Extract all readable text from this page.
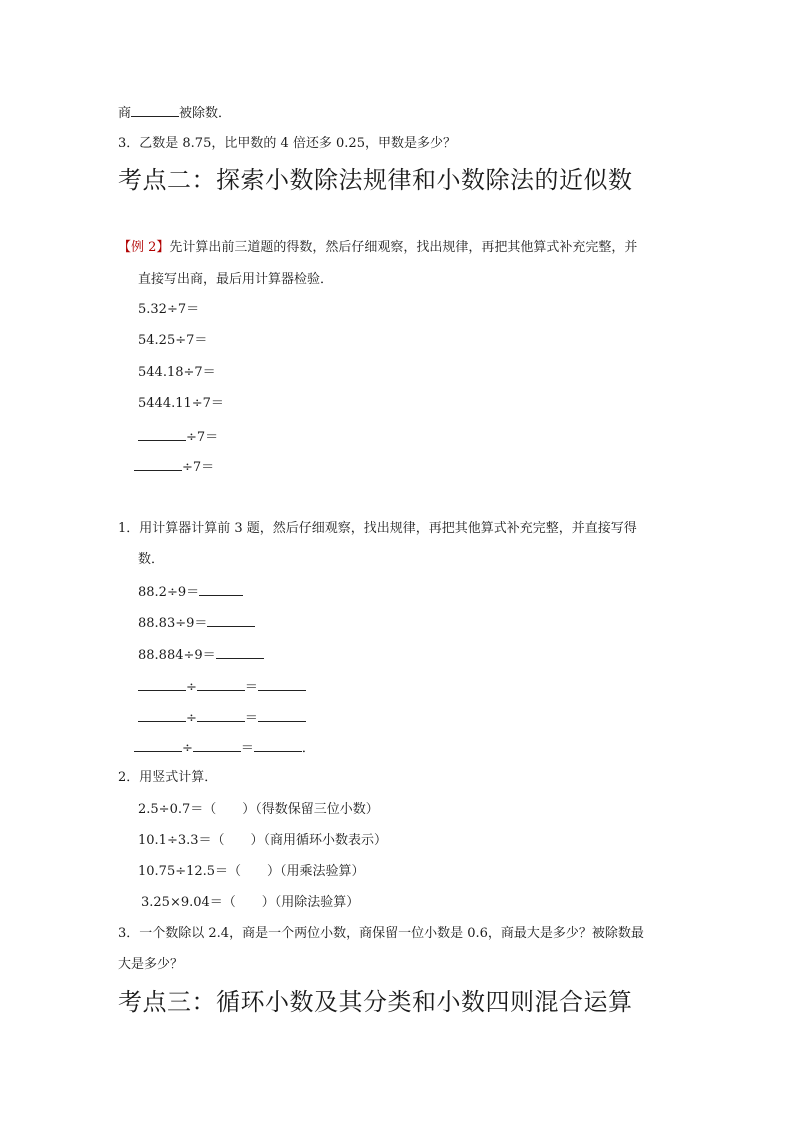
商	被除数．
3．乙数是 8.75，比甲数的 4 倍还多 0.25，甲数是多少？
考点二：探索小数除法规律和小数除法的近似数
【例 2】先计算出前三道题的得数，然后仔细观察，找出规律，再把其他算式补充完整，并
直接写出商，最后用计算器检验．
5.32÷7＝
54.25÷7＝
544.18÷7＝
5444.11÷7＝
÷7＝
÷7＝
1．用计算器计算前 3 题，然后仔细观察，找出规律，再把其他算式补充完整，并直接写得
数．
88.2÷9＝
88.83÷9＝
88.884÷9＝
÷	＝
÷	＝
÷	＝	．
2．用竖式计算．
2.5÷0.7＝（　　）（得数保留三位小数）
10.1÷3.3＝（　　）（商用循环小数表示）
10.75÷12.5＝（　　）（用乘法验算）
3.25×9.04＝（　　）（用除法验算）
3．一个数除以 2.4，商是一个两位小数，商保留一位小数是 0.6，商最大是多少？被除数最
大是多少？
考点三：循环小数及其分类和小数四则混合运算
